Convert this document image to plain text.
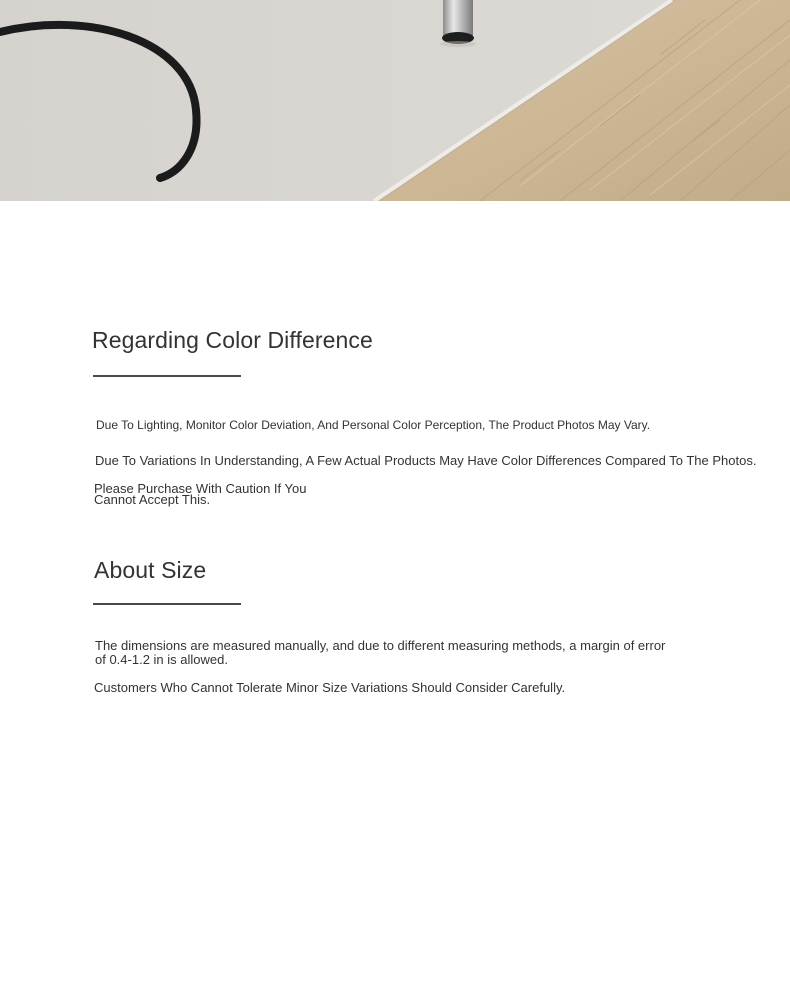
Regarding Color Difference

Due To Lighting, Monitor Color Deviation, And Personal Color Perception, The Product Photos May Vary.

Due To Variations In Understanding, A Few Actual Products May Have Color Differences Compared To The Photos.

Please Purchase With Caution If You

Cannot Accept This.

About Size

The dimensions are measured manually, and due to different measuring methods, a margin of error

of 0.4-1.2 in is allowed.

Customers Who Cannot Tolerate Minor Size Variations Should Consider Carefully.
